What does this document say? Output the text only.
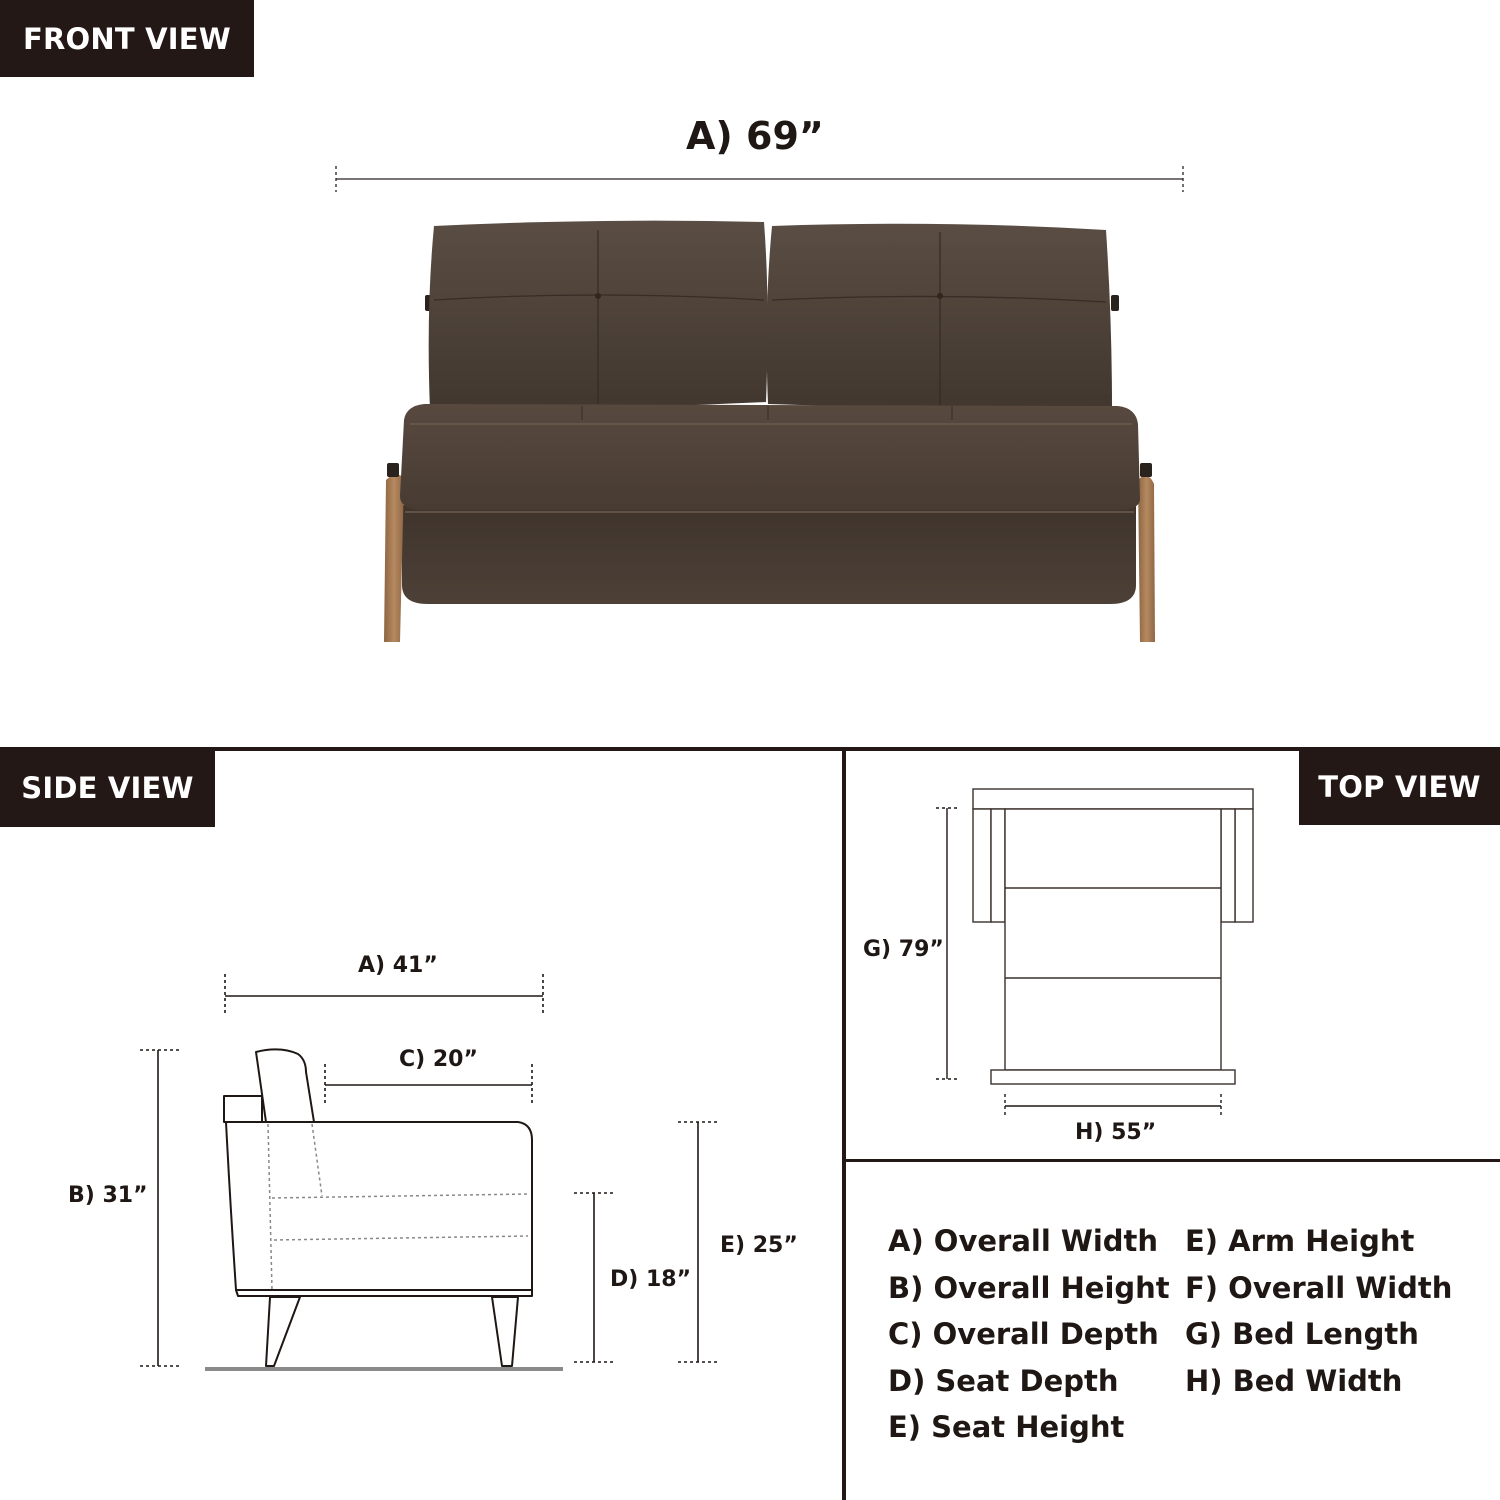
FRONT VIEW
SIDE VIEW	TOP VIEW
A) 69”
A) 41”
C) 20”
B) 31”
D) 18”
E) 25”
G) 79”
H) 55”
A) Overall Width
B) Overall Height
C) Overall Depth
D) Seat Depth
E) Seat Height
E) Arm Height
F) Overall Width
G) Bed Length
H) Bed Width
